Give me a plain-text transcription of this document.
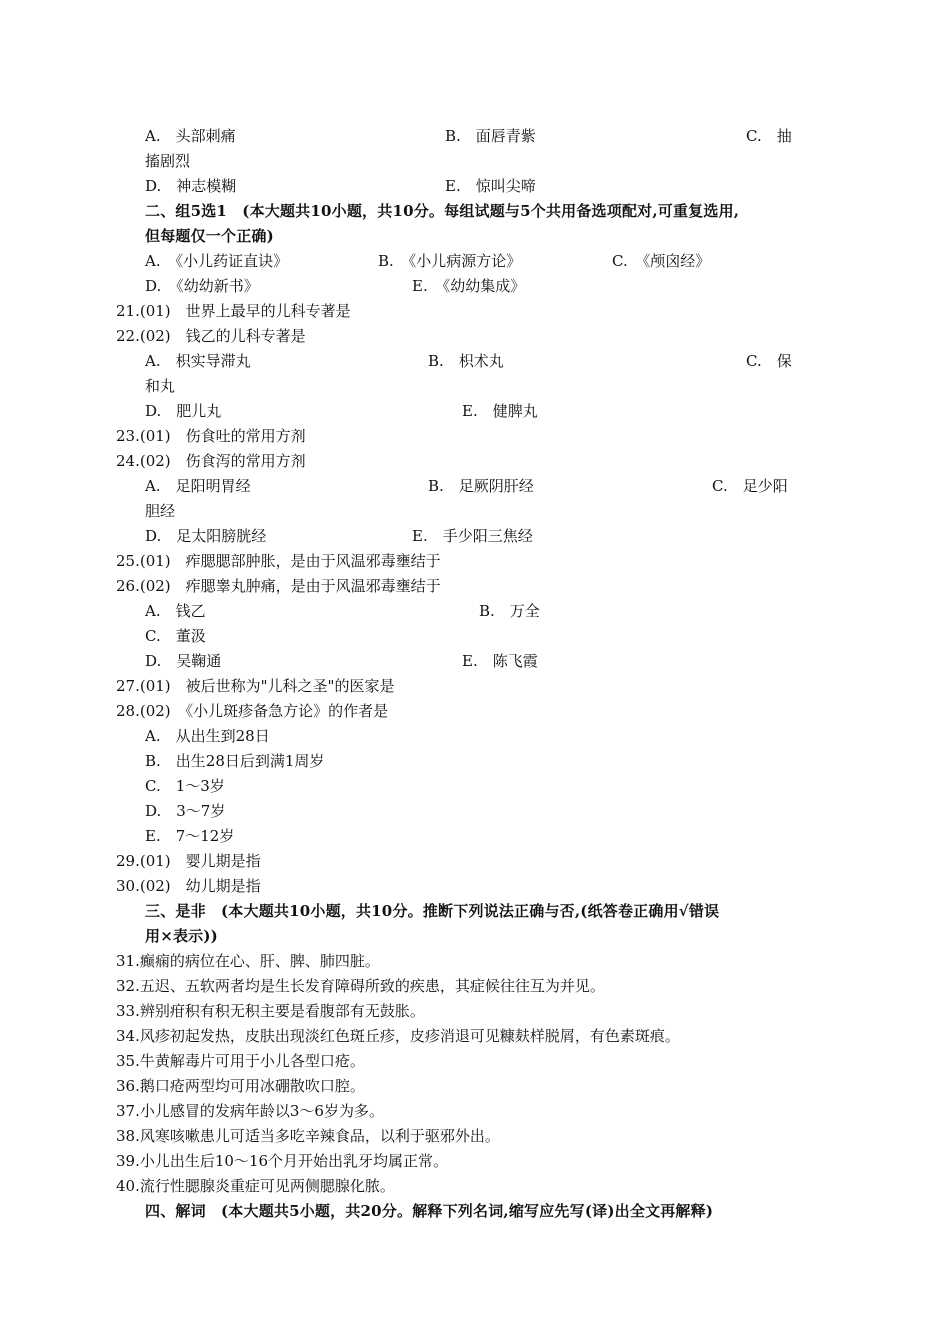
A.　头部刺痛	B.　面唇青紫	C.　抽
搐剧烈
D.　神志模糊	E.　惊叫尖啼
二、组5选1　(本大题共10小题，共10分。每组试题与5个共用备选项配对,可重复选用,
但每题仅一个正确)
A.　《小儿药证直诀》	B.　《小儿病源方论》	C.　《颅囟经》
D.　《幼幼新书》	E.　《幼幼集成》
21.(01)　世界上最早的儿科专著是
22.(02)　钱乙的儿科专著是
A.　枳实导滞丸	B.　枳术丸	C.　保
和丸
D.　肥儿丸	E.　健脾丸
23.(01)　伤食吐的常用方剂
24.(02)　伤食泻的常用方剂
A.　足阳明胃经	B.　足厥阴肝经	C.　足少阳
胆经
D.　足太阳膀胱经	E.　手少阳三焦经
25.(01)　痄腮腮部肿胀，是由于风温邪毒壅结于
26.(02)　痄腮睾丸肿痛，是由于风温邪毒壅结于
A.　钱乙	B.　万全
C.　董汲
D.　吴鞠通	E.　陈飞霞
27.(01)　被后世称为"儿科之圣"的医家是
28.(02)　《小儿斑疹备急方论》的作者是
A.　从出生到28日
B.　出生28日后到满1周岁
C.　1～3岁
D.　3～7岁
E.　7～12岁
29.(01)　婴儿期是指
30.(02)　幼儿期是指
三、是非　(本大题共10小题，共10分。推断下列说法正确与否,(纸答卷正确用√错误
用×表示))
31.癫痫的病位在心、肝、脾、肺四脏。
32.五迟、五软两者均是生长发育障碍所致的疾患，其症候往往互为并见。
33.辨别疳积有积无积主要是看腹部有无鼓胀。
34.风疹初起发热，皮肤出现淡红色斑丘疹，皮疹消退可见糠麸样脱屑，有色素斑痕。
35.牛黄解毒片可用于小儿各型口疮。
36.鹅口疮两型均可用冰硼散吹口腔。
37.小儿感冒的发病年龄以3～6岁为多。
38.风寒咳嗽患儿可适当多吃辛辣食品，以利于驱邪外出。
39.小儿出生后10～16个月开始出乳牙均属正常。
40.流行性腮腺炎重症可见两侧腮腺化脓。
四、解词　(本大题共5小题，共20分。解释下列名词,缩写应先写(译)出全文再解释)
